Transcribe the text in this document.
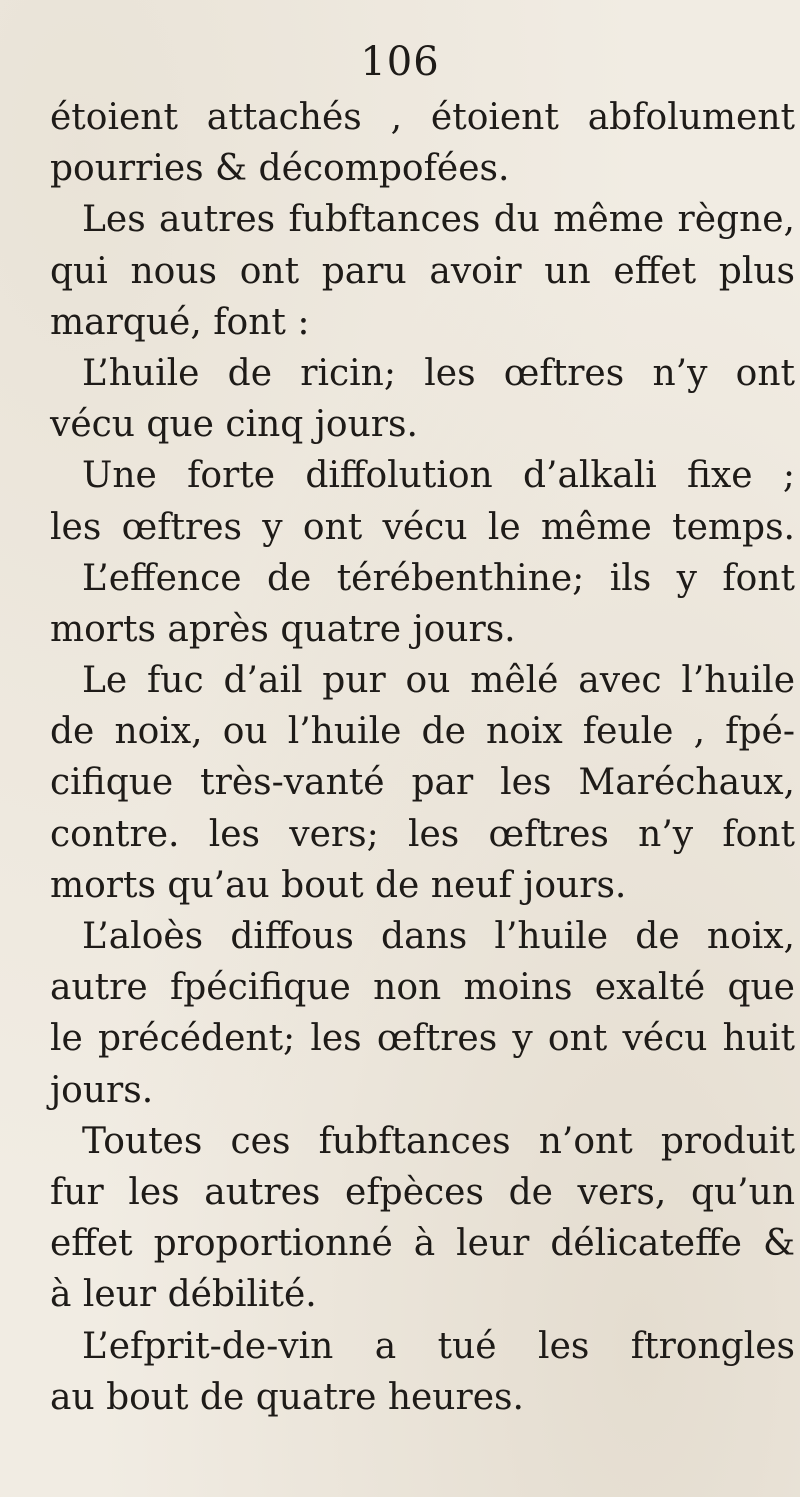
106
étoient attachés , étoient abfolument
pourries & décompofées.
Les autres fubftances du même règne,
qui nous ont paru avoir un effet plus
marqué, font :
L’huile de ricin; les œftres n’y ont
vécu que cinq jours.
Une forte diffolution d’alkali fixe ;
les œftres y ont vécu le même temps.
L’effence de térébenthine; ils y font
morts après quatre jours.
Le fuc d’ail pur ou mêlé avec l’huile
de noix, ou l’huile de noix feule , fpé-
cifique très-vanté par les Maréchaux,
contre. les vers; les œftres n’y font
morts qu’au bout de neuf jours.
L’aloès diffous dans l’huile de noix,
autre fpécifique non moins exalté que
le précédent; les œftres y ont vécu huit
jours.
Toutes ces fubftances n’ont produit
fur les autres efpèces de vers, qu’un
effet proportionné à leur délicateffe &
à leur débilité.
L’efprit-de-vin a tué les ftrongles
au bout de quatre heures.
